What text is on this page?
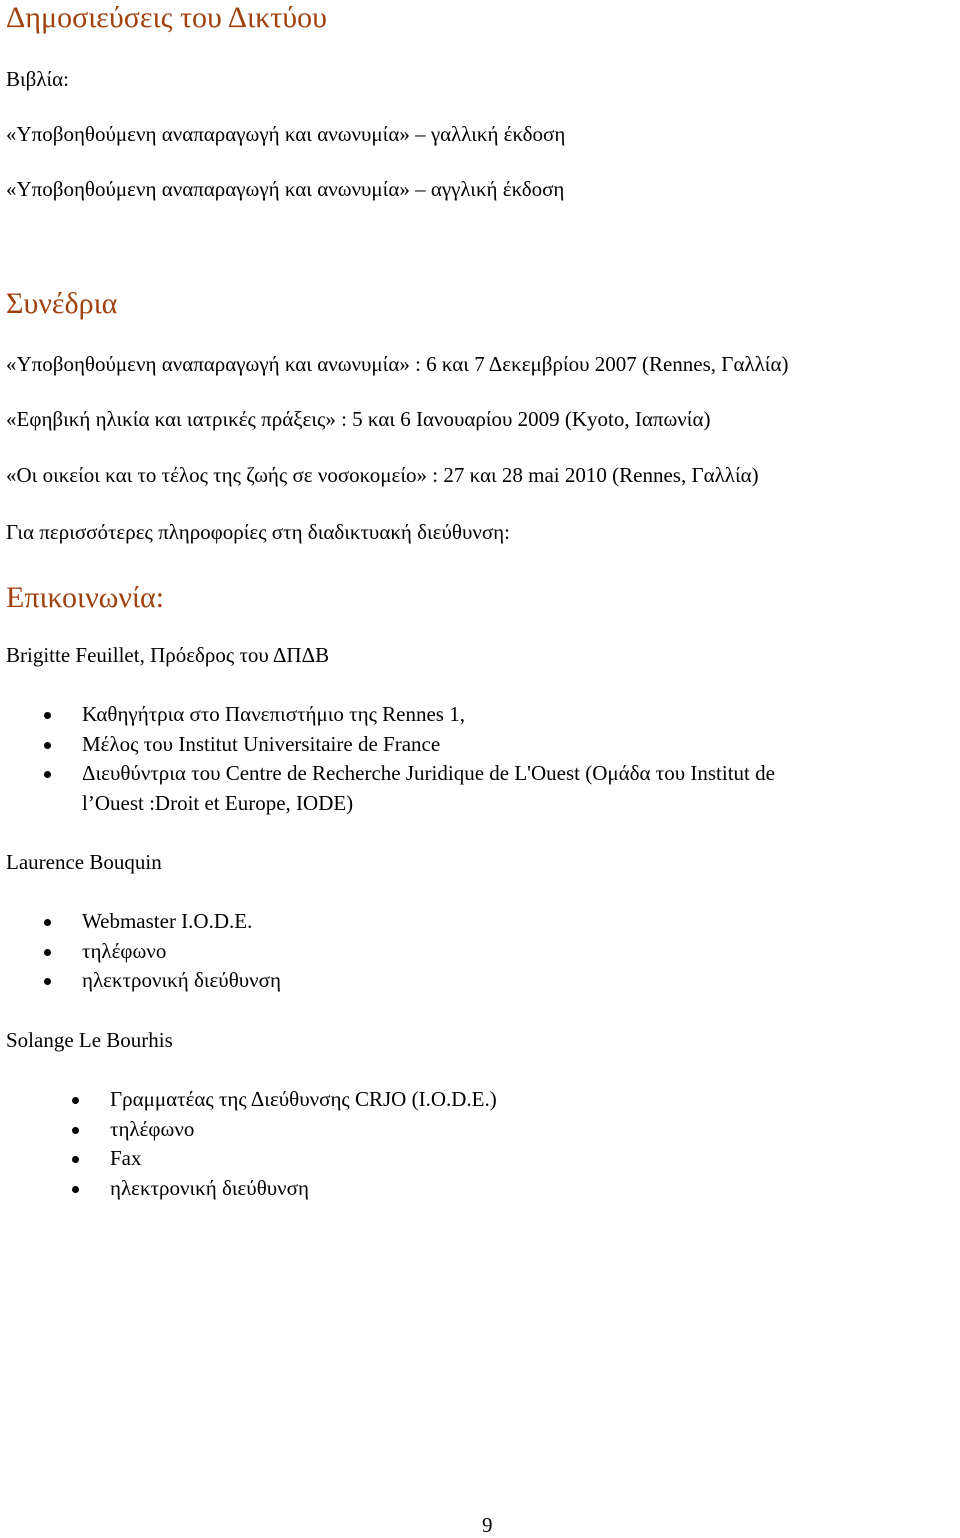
Δημοσιεύσεις του Δικτύου
Βιβλία:
«Υποβοηθούμενη αναπαραγωγή και ανωνυμία» – γαλλική έκδοση
«Υποβοηθούμενη αναπαραγωγή και ανωνυμία» – αγγλική έκδοση
Συνέδρια
«Υποβοηθούμενη αναπαραγωγή και ανωνυμία» : 6 και 7 Δεκεμβρίου 2007 (Rennes, Γαλλία)
«Εφηβική ηλικία και ιατρικές πράξεις» : 5 και 6 Ιανουαρίου 2009 (Kyoto, Ιαπωνία)
«Οι οικείοι και το τέλος της ζωής σε νοσοκομείο» : 27 και 28 mai 2010 (Rennes, Γαλλία)
Για περισσότερες πληροφορίες στη διαδικτυακή διεύθυνση:
Επικοινωνία:
Brigitte Feuillet, Πρόεδρος του ΔΠΔΒ
Καθηγήτρια στο Πανεπιστήμιο της Rennes 1,
Μέλος του Institut Universitaire de France
Διευθύντρια του Centre de Recherche Juridique de L'Ouest (Ομάδα του Institut de
l’Ouest :Droit et Europe, IODE)
Laurence Bouquin
Webmaster I.O.D.E.
τηλέφωνο
ηλεκτρονική διεύθυνση
Solange Le Bourhis
Γραμματέας της Διεύθυνσης CRJO (I.O.D.E.)
τηλέφωνο
Fax
ηλεκτρονική διεύθυνση
9
